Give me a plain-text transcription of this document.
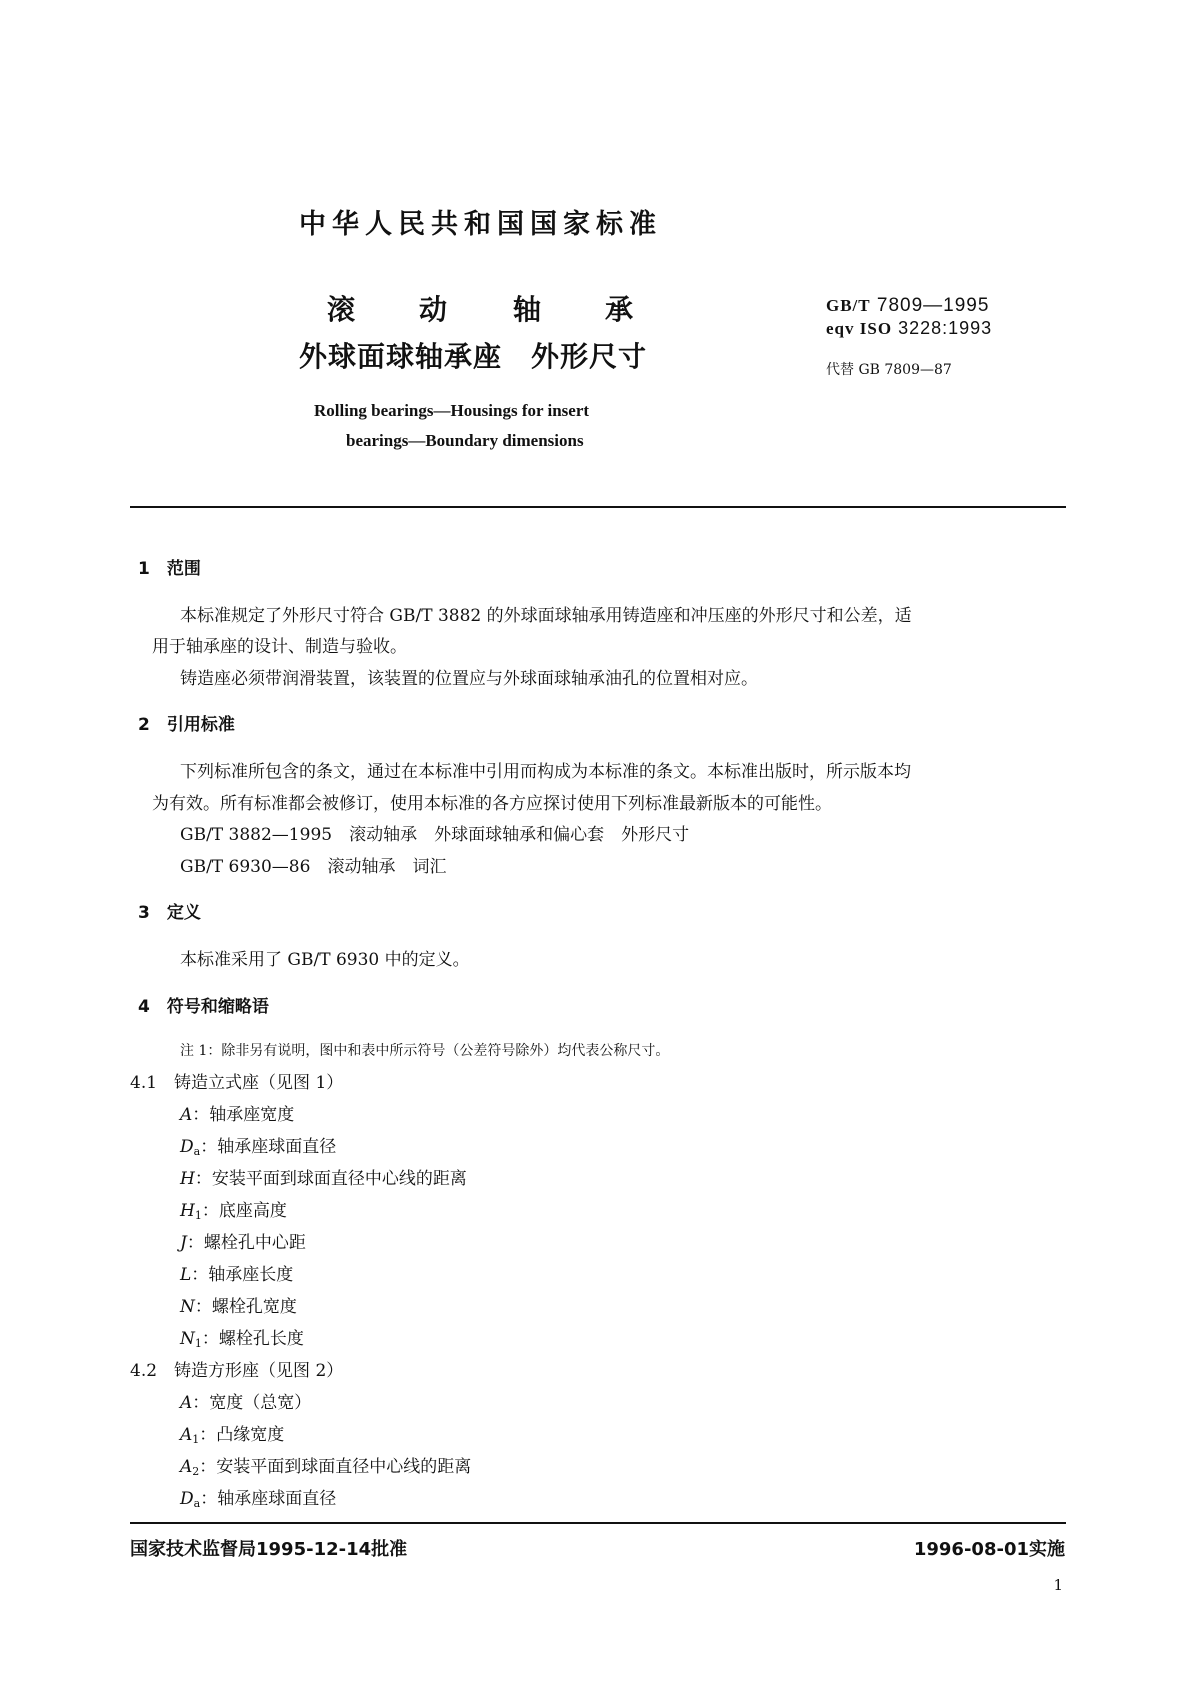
中华人民共和国国家标准
滚 动 轴 承
外球面球轴承座　外形尺寸
Rolling bearings—Housings for insert
bearings—Boundary dimensions
GB/T 7809—1995
eqv ISO 3228:1993
代替 GB 7809—87
1　 范围
本标准规定了外形尺寸符合 GB/T 3882 的外球面球轴承用铸造座和冲压座的外形尺寸和公差，适
用于轴承座的设计、制造与验收。
铸造座必须带润滑装置，该装置的位置应与外球面球轴承油孔的位置相对应。
2　 引用标准
下列标准所包含的条文，通过在本标准中引用而构成为本标准的条文。本标准出版时，所示版本均
为有效。所有标准都会被修订，使用本标准的各方应探讨使用下列标准最新版本的可能性。
GB/T 3882—1995　滚动轴承　外球面球轴承和偏心套　外形尺寸
GB/T 6930—86　滚动轴承　词汇
3　 定义
本标准采用了 GB/T 6930 中的定义。
4　 符号和缩略语
注 1：除非另有说明，图中和表中所示符号（公差符号除外）均代表公称尺寸。
4.1　 铸造立式座（见图 1）
A：轴承座宽度
$D_a$：轴承座球面直径
H：安装平面到球面直径中心线的距离
$H_1$：底座高度
J：螺栓孔中心距
L：轴承座长度
N：螺栓孔宽度
$N_1$：螺栓孔长度
4.2　 铸造方形座（见图 2）
A：宽度（总宽）
$A_1$：凸缘宽度
$A_2$：安装平面到球面直径中心线的距离
$D_a$：轴承座球面直径
国家技术监督局1995-12-14批准	1996-08-01实施
1
